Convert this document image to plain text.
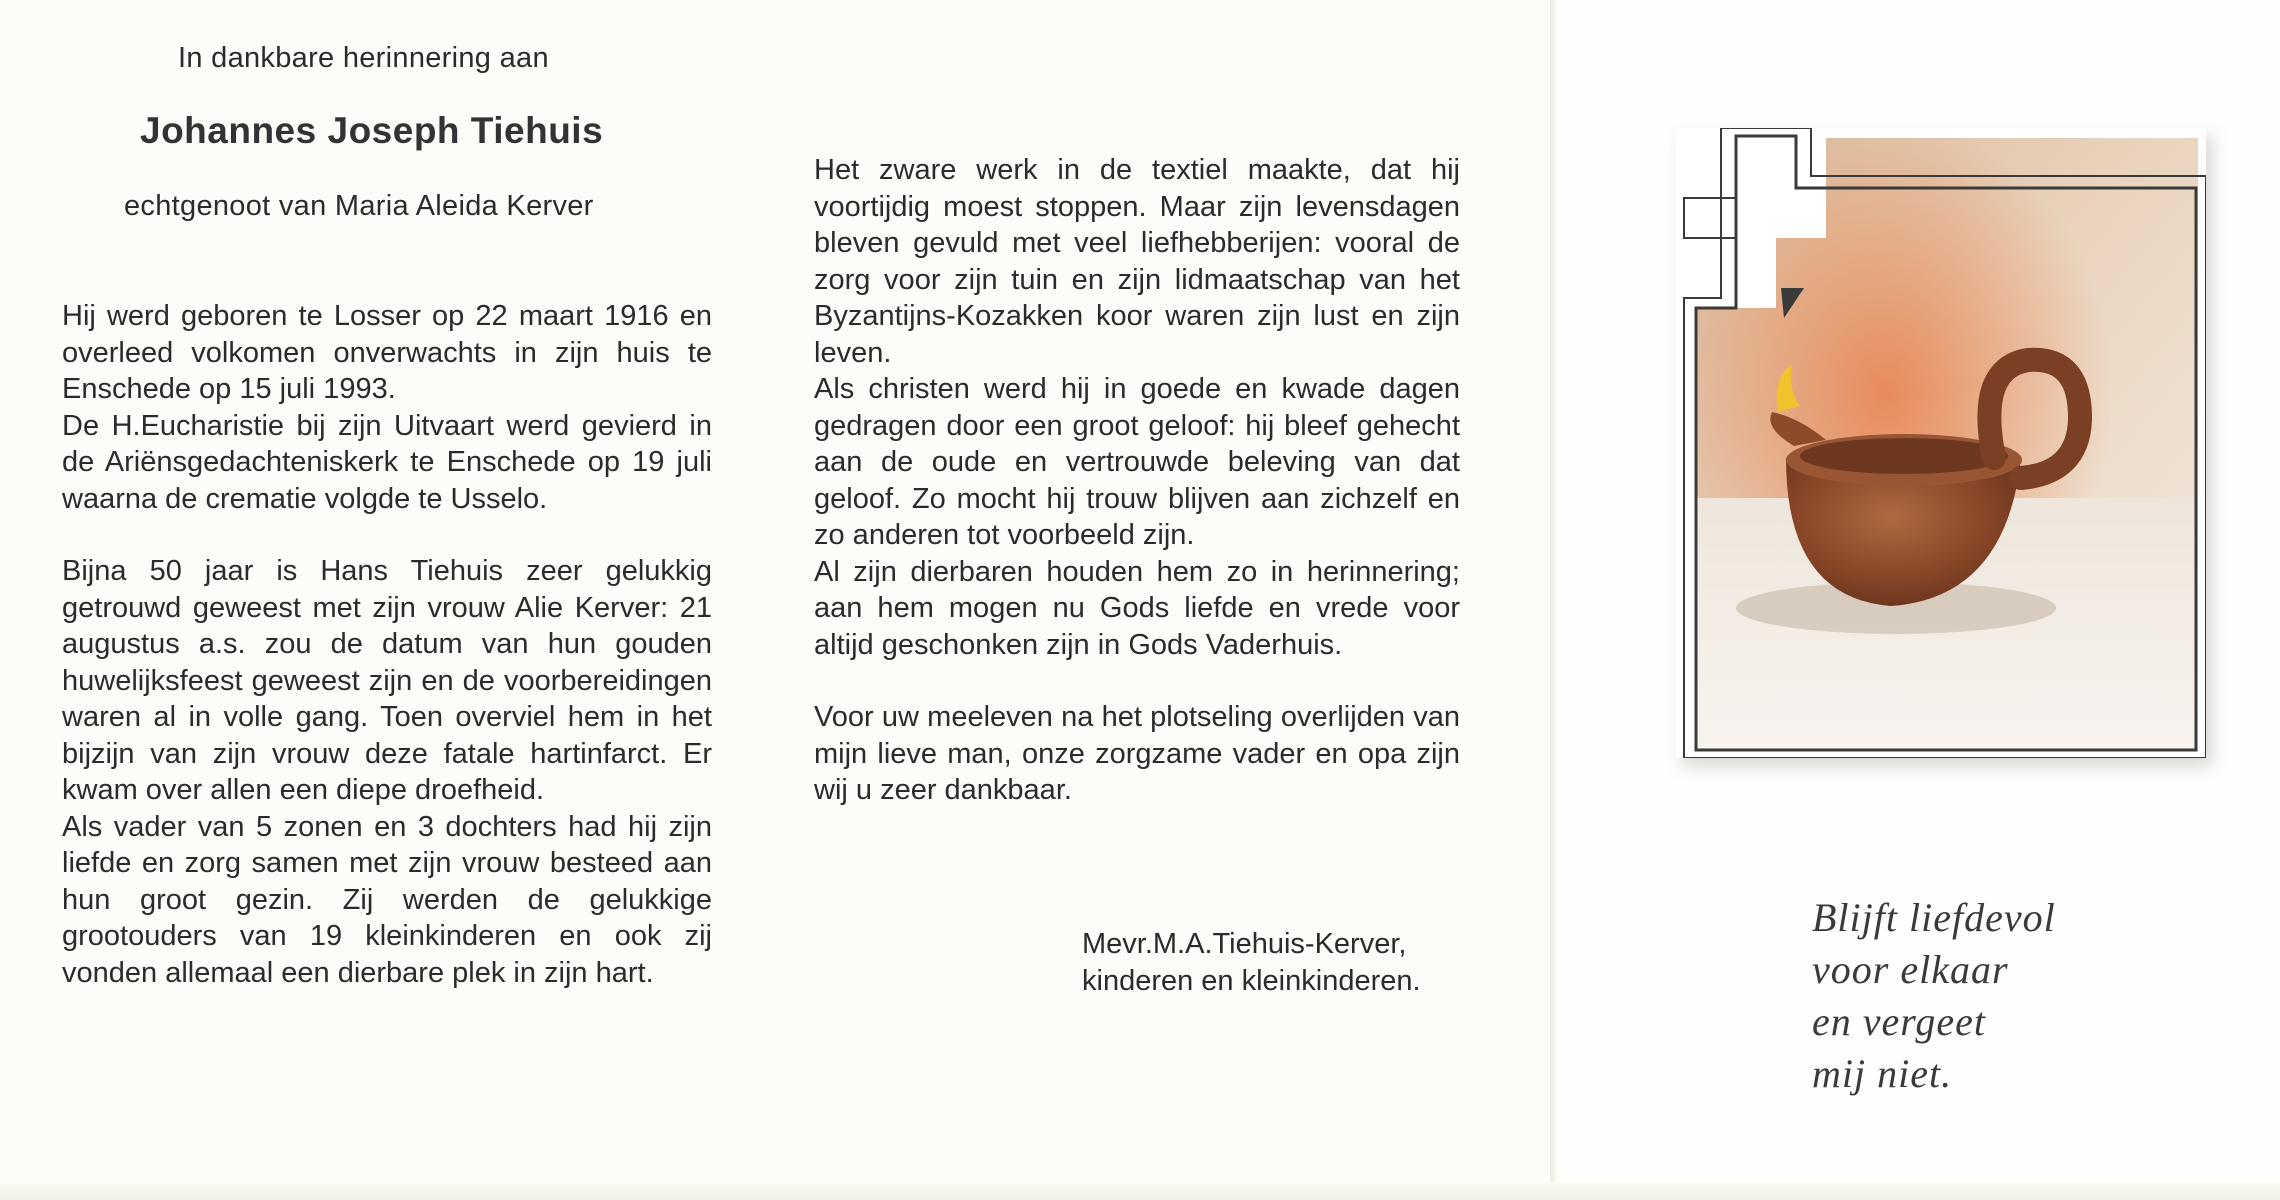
In dankbare herinnering aan
Johannes Joseph Tiehuis
echtgenoot van Maria Aleida Kerver

Hij werd geboren te Losser op 22 maart 1916 en overleed volkomen onverwachts in zijn huis te Enschede op 15 juli 1993.

De H.Eucharistie bij zijn Uitvaart werd gevierd in de Ariënsgedachteniskerk te Enschede op 19 juli waarna de crematie volgde te Usselo.

Bijna 50 jaar is Hans Tiehuis zeer gelukkig getrouwd geweest met zijn vrouw Alie Kerver: 21 augustus a.s. zou de datum van hun gouden huwelijksfeest geweest zijn en de voorbereidingen waren al in volle gang. Toen overviel hem in het bijzijn van zijn vrouw deze fatale hartinfarct. Er kwam over allen een diepe droefheid.

Als vader van 5 zonen en 3 dochters had hij zijn liefde en zorg samen met zijn vrouw besteed aan hun groot gezin. Zij werden de gelukkige grootouders van 19 kleinkinderen en ook zij vonden allemaal een dierbare plek in zijn hart.

Het zware werk in de textiel maakte, dat hij voortijdig moest stoppen. Maar zijn levensdagen bleven gevuld met veel liefhebberijen: vooral de zorg voor zijn tuin en zijn lidmaatschap van het Byzantijns-Kozakken koor waren zijn lust en zijn leven.

Als christen werd hij in goede en kwade dagen gedragen door een groot geloof: hij bleef gehecht aan de oude en vertrouwde beleving van dat geloof. Zo mocht hij trouw blijven aan zichzelf en zo anderen tot voorbeeld zijn.

Al zijn dierbaren houden hem zo in herinnering; aan hem mogen nu Gods liefde en vrede voor altijd geschonken zijn in Gods Vaderhuis.

Voor uw meeleven na het plotseling overlijden van mijn lieve man, onze zorgzame vader en opa zijn wij u zeer dankbaar.

Mevr.M.A.Tiehuis-Kerver,
kinderen en kleinkinderen.
Blijft liefdevol
voor elkaar
en vergeet
mij niet.
